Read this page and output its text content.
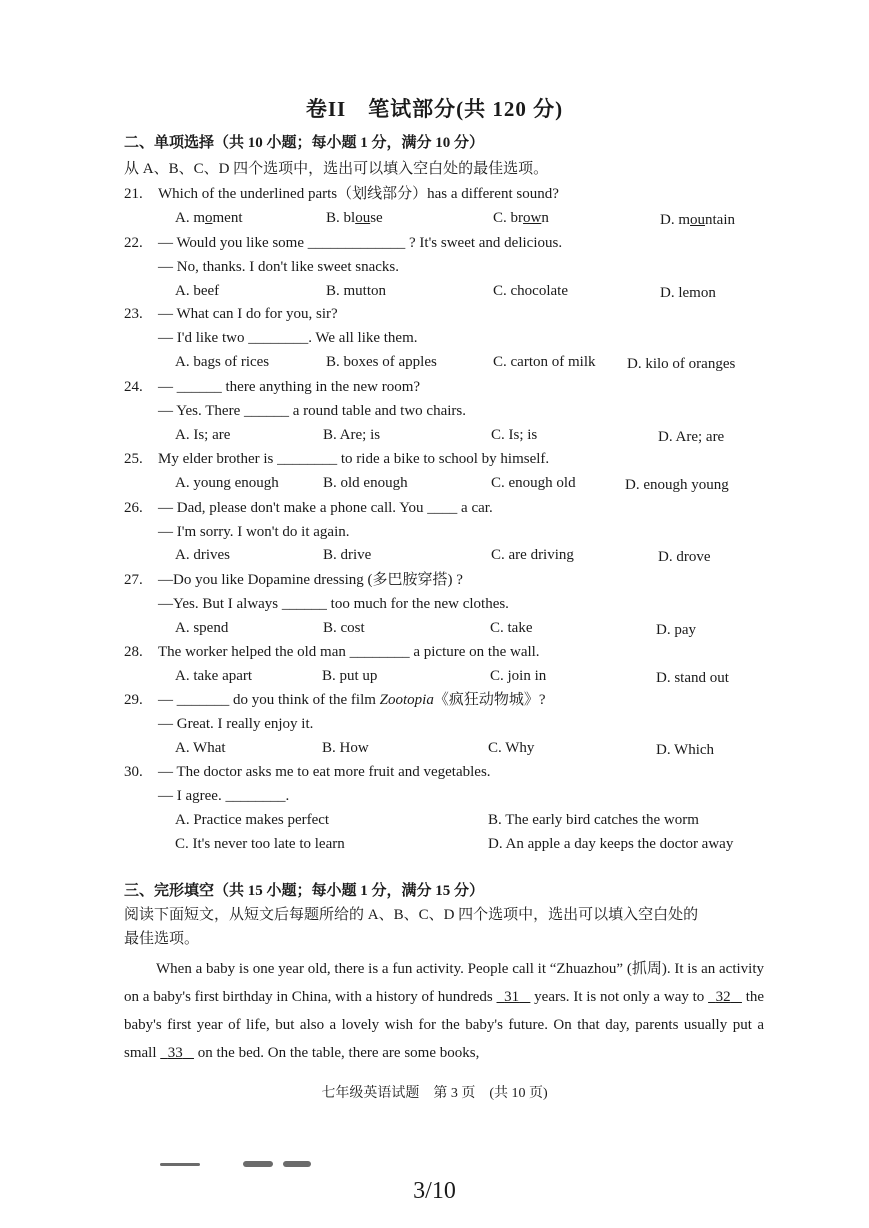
卷II　笔试部分(共 120 分)
二、单项选择（共 10 小题；每小题 1 分，满分 10 分）
从 A、B、C、D 四个选项中，选出可以填入空白处的最佳选项。
21. Which of the underlined parts（划线部分）has a different sound?
A. moment	B. blouse	C. brown	D. mountain
22. — Would you like some _____________ ? It's sweet and delicious.
— No, thanks. I don't like sweet snacks.
A. beef	B. mutton	C. chocolate	D. lemon
23. — What can I do for you, sir?
— I'd like two ________. We all like them.
A. bags of rices	B. boxes of apples	C. carton of milk D. kilo of oranges
24. — ______ there anything in the new room?
— Yes. There ______ a round table and two chairs.
A. Is; are	B. Are; is	C. Is; is	D. Are; are
25. My elder brother is ________ to ride a bike to school by himself.
A. young enough	B. old enough	C. enough old	D. enough young
26. — Dad, please don't make a phone call. You ____ a car.
— I'm sorry. I won't do it again.
A. drives	B. drive	C. are driving	D. drove
27. —Do you like Dopamine dressing (多巴胺穿搭) ?
—Yes. But I always ______ too much for the new clothes.
A. spend	B. cost	C. take	D. pay
28. The worker helped the old man ________ a picture on the wall.
A. take apart	B. put up	C. join in	D. stand out
29. — _______ do you think of the film Zootopia《疯狂动物城》?
— Great. I really enjoy it.
A. What	B. How	C. Why	D. Which
30. — The doctor asks me to eat more fruit and vegetables.
— I agree. ________.
A. Practice makes perfect	B. The early bird catches the worm
C. It's never too late to learn	D. An apple a day keeps the doctor away
三、完形填空（共 15 小题；每小题 1 分，满分 15 分）
阅读下面短文，从短文后每题所给的 A、B、C、D 四个选项中，选出可以填入空白处的
最佳选项。
When a baby is one year old, there is a fun activity. People call it “Zhuazhou” (抓周). It is an activity on a baby's first birthday in China, with a history of hundreds   31    years. It is not only a way to   32    the baby's first year of life, but also a lovely wish for the baby's future. On that day, parents usually put a small   33    on the bed. On the table, there are some books,
七年级英语试题　第 3 页　(共 10 页)
3/10
